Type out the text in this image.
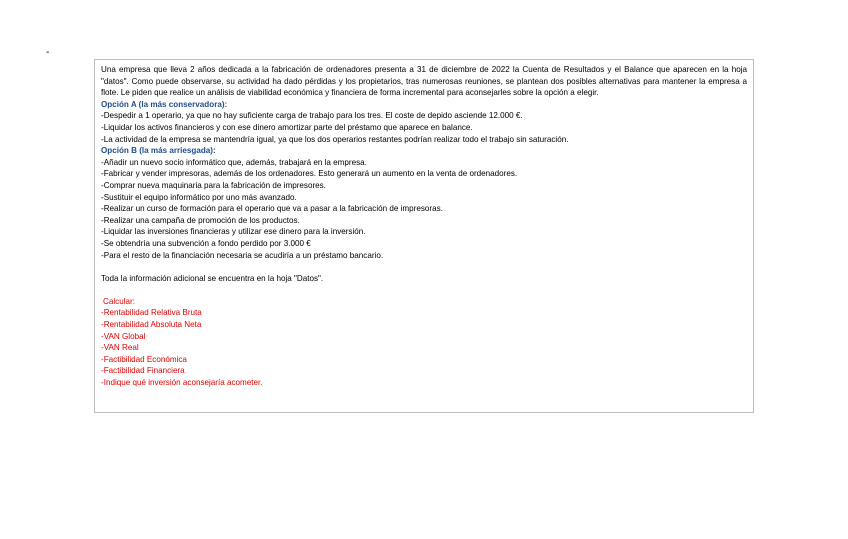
-

Una empresa que lleva 2 años dedicada a la fabricación de ordenadores presenta a 31 de diciembre de 2022 la Cuenta de Resultados y el Balance que aparecen en la hoja "datos". Como puede observarse, su actividad ha dado pérdidas y los propietarios, tras numerosas reuniones, se plantean dos posibles alternativas para mantener la empresa a flote. Le piden que realice un análisis de viabilidad económica y financiera de forma incremental para aconsejarles sobre la opción a elegir.

Opción A (la más conservadora):

-Despedir a 1 operario, ya que no hay suficiente carga de trabajo para los tres. El coste de depido asciende 12.000 €.

-Liquidar los activos financieros y con ese dinero amortizar parte del préstamo que aparece en balance.

-La actividad de la empresa se mantendría igual, ya que los dos operarios restantes podrían realizar todo el trabajo sin saturación.

Opción B (la más arriesgada):

-Añadir un nuevo socio informático que, además, trabajará en la empresa.

-Fabricar y vender impresoras, además de los ordenadores. Esto generará un aumento en la venta de ordenadores.

-Comprar nueva maquinaria para la fabricación de impresores.

-Sustituir el equipo informático por uno más avanzado.

-Realizar un curso de formación para el operario que va a pasar a la fabricación de impresoras.

-Realizar una campaña de promoción de los productos.

-Liquidar las inversiones financieras y utilizar ese dinero para la inversión.

-Se obtendría una subvención a fondo perdido por 3.000 €

-Para el resto de la financiación necesaria se acudiría a un préstamo bancario.

Toda la información adicional se encuentra en la hoja "Datos".

Calcular:

-Rentabilidad Relativa Bruta

-Rentabilidad Absoluta Neta

-VAN Global

-VAN Real

-Factibilidad Económica

-Factibilidad Financiera

-Indique qué inversión aconsejaría acometer.
